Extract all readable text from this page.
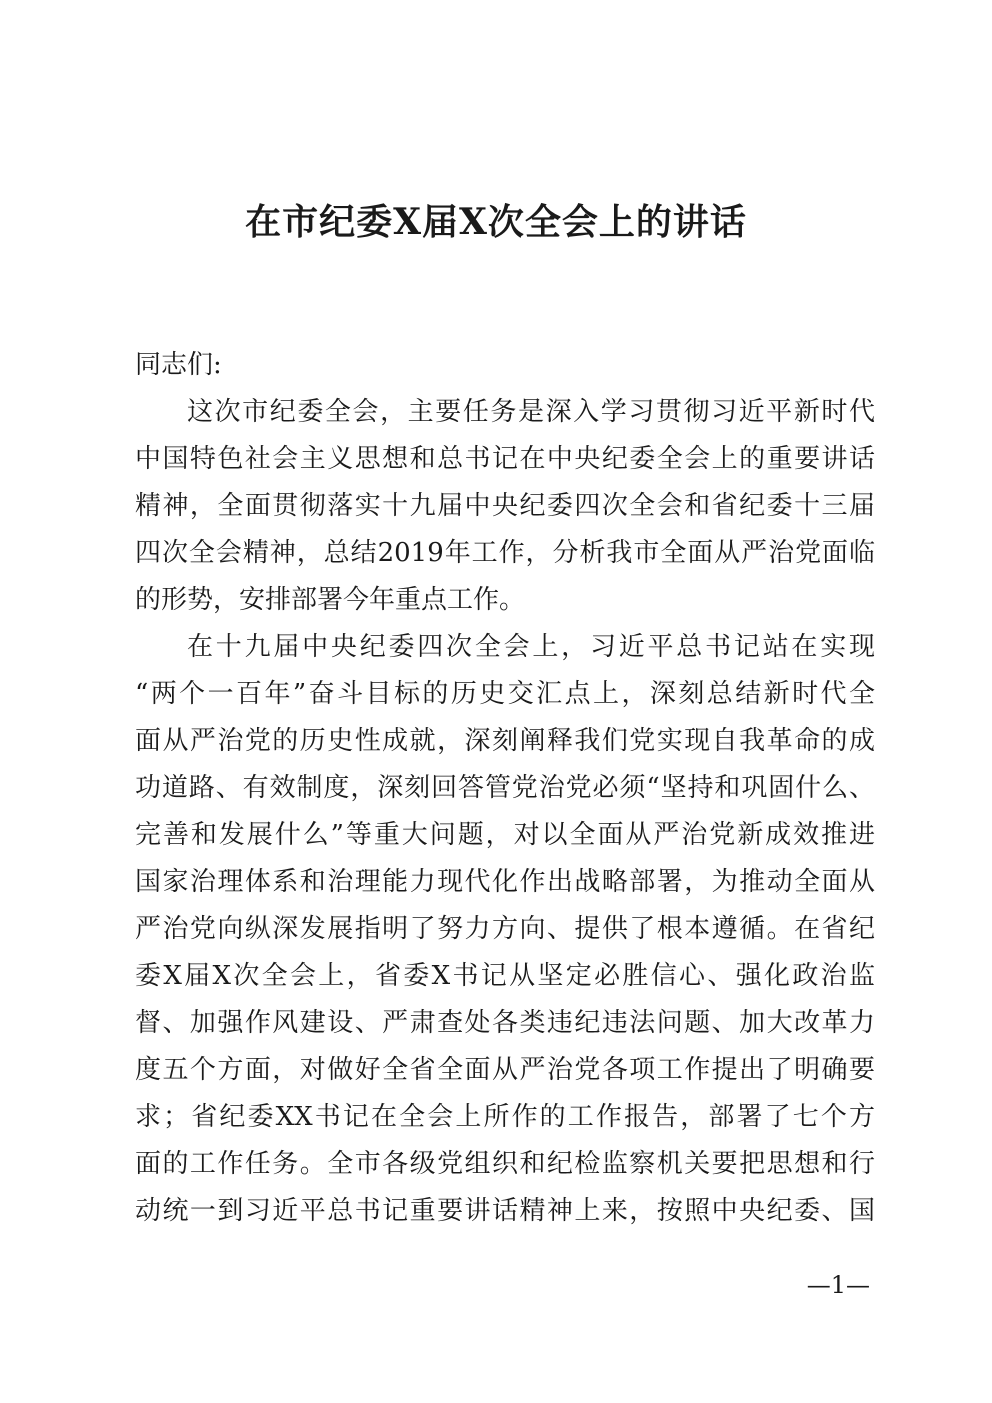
在市纪委X届X次全会上的讲话
同志们:
这次市纪委全会，主要任务是深入学习贯彻习近平新时代
中国特色社会主义思想和总书记在中央纪委全会上的重要讲话
精神，全面贯彻落实十九届中央纪委四次全会和省纪委十三届
四次全会精神，总结2019年工作，分析我市全面从严治党面临
的形势，安排部署今年重点工作。
在十九届中央纪委四次全会上，习近平总书记站在实现
“两个一百年”奋斗目标的历史交汇点上，深刻总结新时代全
面从严治党的历史性成就，深刻阐释我们党实现自我革命的成
功道路、有效制度，深刻回答管党治党必须“坚持和巩固什么、
完善和发展什么”等重大问题，对以全面从严治党新成效推进
国家治理体系和治理能力现代化作出战略部署，为推动全面从
严治党向纵深发展指明了努力方向、提供了根本遵循。在省纪
委X届X次全会上，省委X书记从坚定必胜信心、强化政治监
督、加强作风建设、严肃查处各类违纪违法问题、加大改革力
度五个方面，对做好全省全面从严治党各项工作提出了明确要
求；省纪委XX书记在全会上所作的工作报告，部署了七个方
面的工作任务。全市各级党组织和纪检监察机关要把思想和行
动统一到习近平总书记重要讲话精神上来，按照中央纪委、国
—1—
